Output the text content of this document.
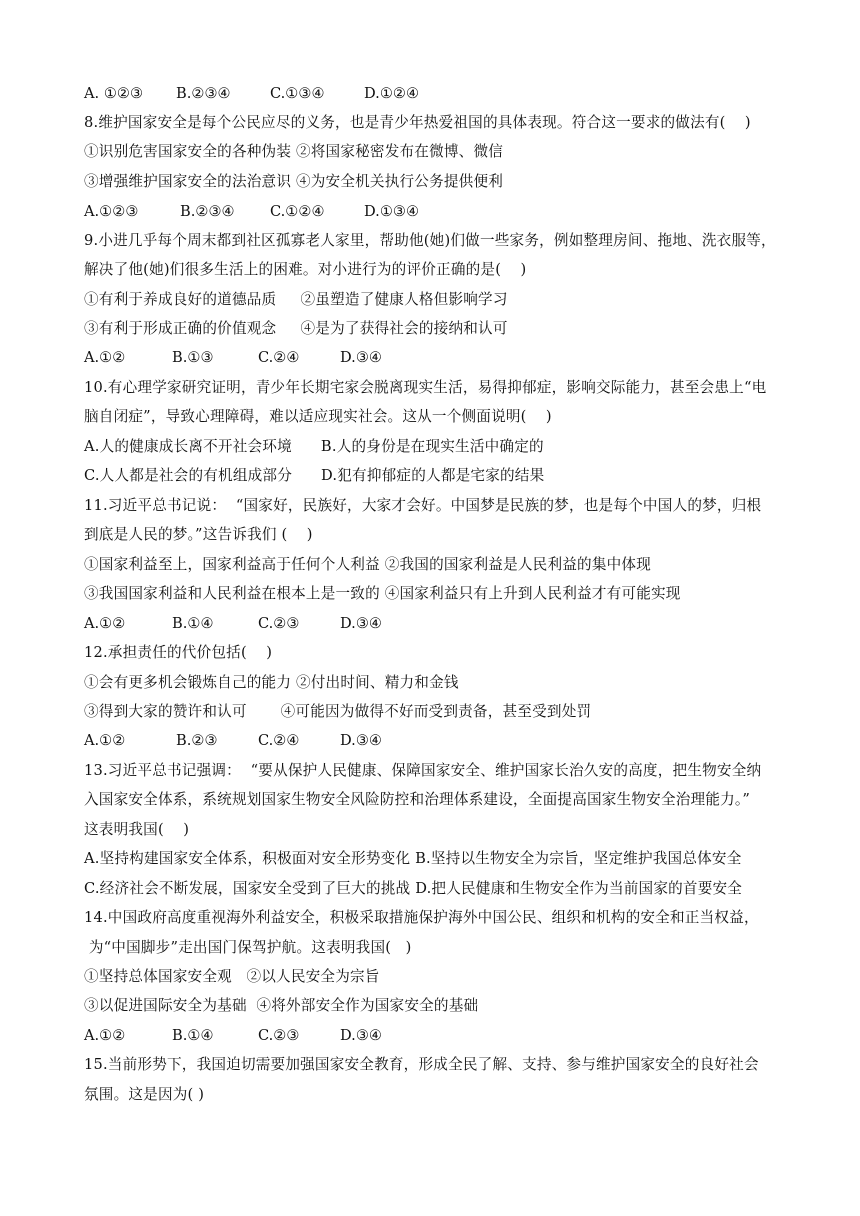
A. ①②③

B.②③④

	C.①③④

	D.①②④

8.维护国家安全是每个公民应尽的义务，也是青少年热爱祖国的具体表现。符合这一要求的做法有(    )

①识别危害国家安全的各种伪装 ②将国家秘密发布在微博、微信

③增强维护国家安全的法治意识 ④为安全机关执行公务提供便利

A.①②③

	B.②③④

C.①②④

	D.①③④

9.小进几乎每个周末都到社区孤寡老人家里，帮助他(她)们做一些家务，例如整理房间、拖地、洗衣服等，

解决了他(她)们很多生活上的困难。对小进行为的评价正确的是(    )

①有利于养成良好的道德品质     ②虽塑造了健康人格但影响学习

③有利于形成正确的价值观念     ④是为了获得社会的接纳和认可

A.①②

	B.①③

	C.②④

	D.③④

10.有心理学家研究证明，青少年长期宅家会脱离现实生活，易得抑郁症，影响交际能力，甚至会患上“电

脑自闭症”，导致心理障碍，难以适应现实社会。这从一个侧面说明(    )

A.人的健康成长离不开社会环境      B.人的身份是在现实生活中确定的

C.人人都是社会的有机组成部分      D.犯有抑郁症的人都是宅家的结果

11.习近平总书记说：  “国家好，民族好，大家才会好。中国梦是民族的梦，也是每个中国人的梦，归根

到底是人民的梦。”这告诉我们 (    )

①国家利益至上，国家利益高于任何个人利益 ②我国的国家利益是人民利益的集中体现

③我国国家利益和人民利益在根本上是一致的 ④国家利益只有上升到人民利益才有可能实现

A.①②

	B.①④

	C.②③

	D.③④

12.承担责任的代价包括(    )

①会有更多机会锻炼自己的能力 ②付出时间、精力和金钱

③得到大家的赞许和认可       ④可能因为做得不好而受到责备，甚至受到处罚

A.①②

	B.②③

	C.②④

	D.③④

13.习近平总书记强调：  “要从保护人民健康、保障国家安全、维护国家长治久安的高度，把生物安全纳

入国家安全体系，系统规划国家生物安全风险防控和治理体系建设，全面提高国家生物安全治理能力。”

这表明我国(    )

A.坚持构建国家安全体系，积极面对安全形势变化 B.坚持以生物安全为宗旨，坚定维护我国总体安全

C.经济社会不断发展，国家安全受到了巨大的挑战 D.把人民健康和生物安全作为当前国家的首要安全

14.中国政府高度重视海外利益安全，积极采取措施保护海外中国公民、组织和机构的安全和正当权益，

为“中国脚步”走出国门保驾护航。这表明我国(   )

①坚持总体国家安全观   ②以人民安全为宗旨

③以促进国际安全为基础  ④将外部安全作为国家安全的基础

A.①②

	B.①④

	C.②③

	D.③④

15.当前形势下，我国迫切需要加强国家安全教育，形成全民了解、支持、参与维护国家安全的良好社会

氛围。这是因为( )
